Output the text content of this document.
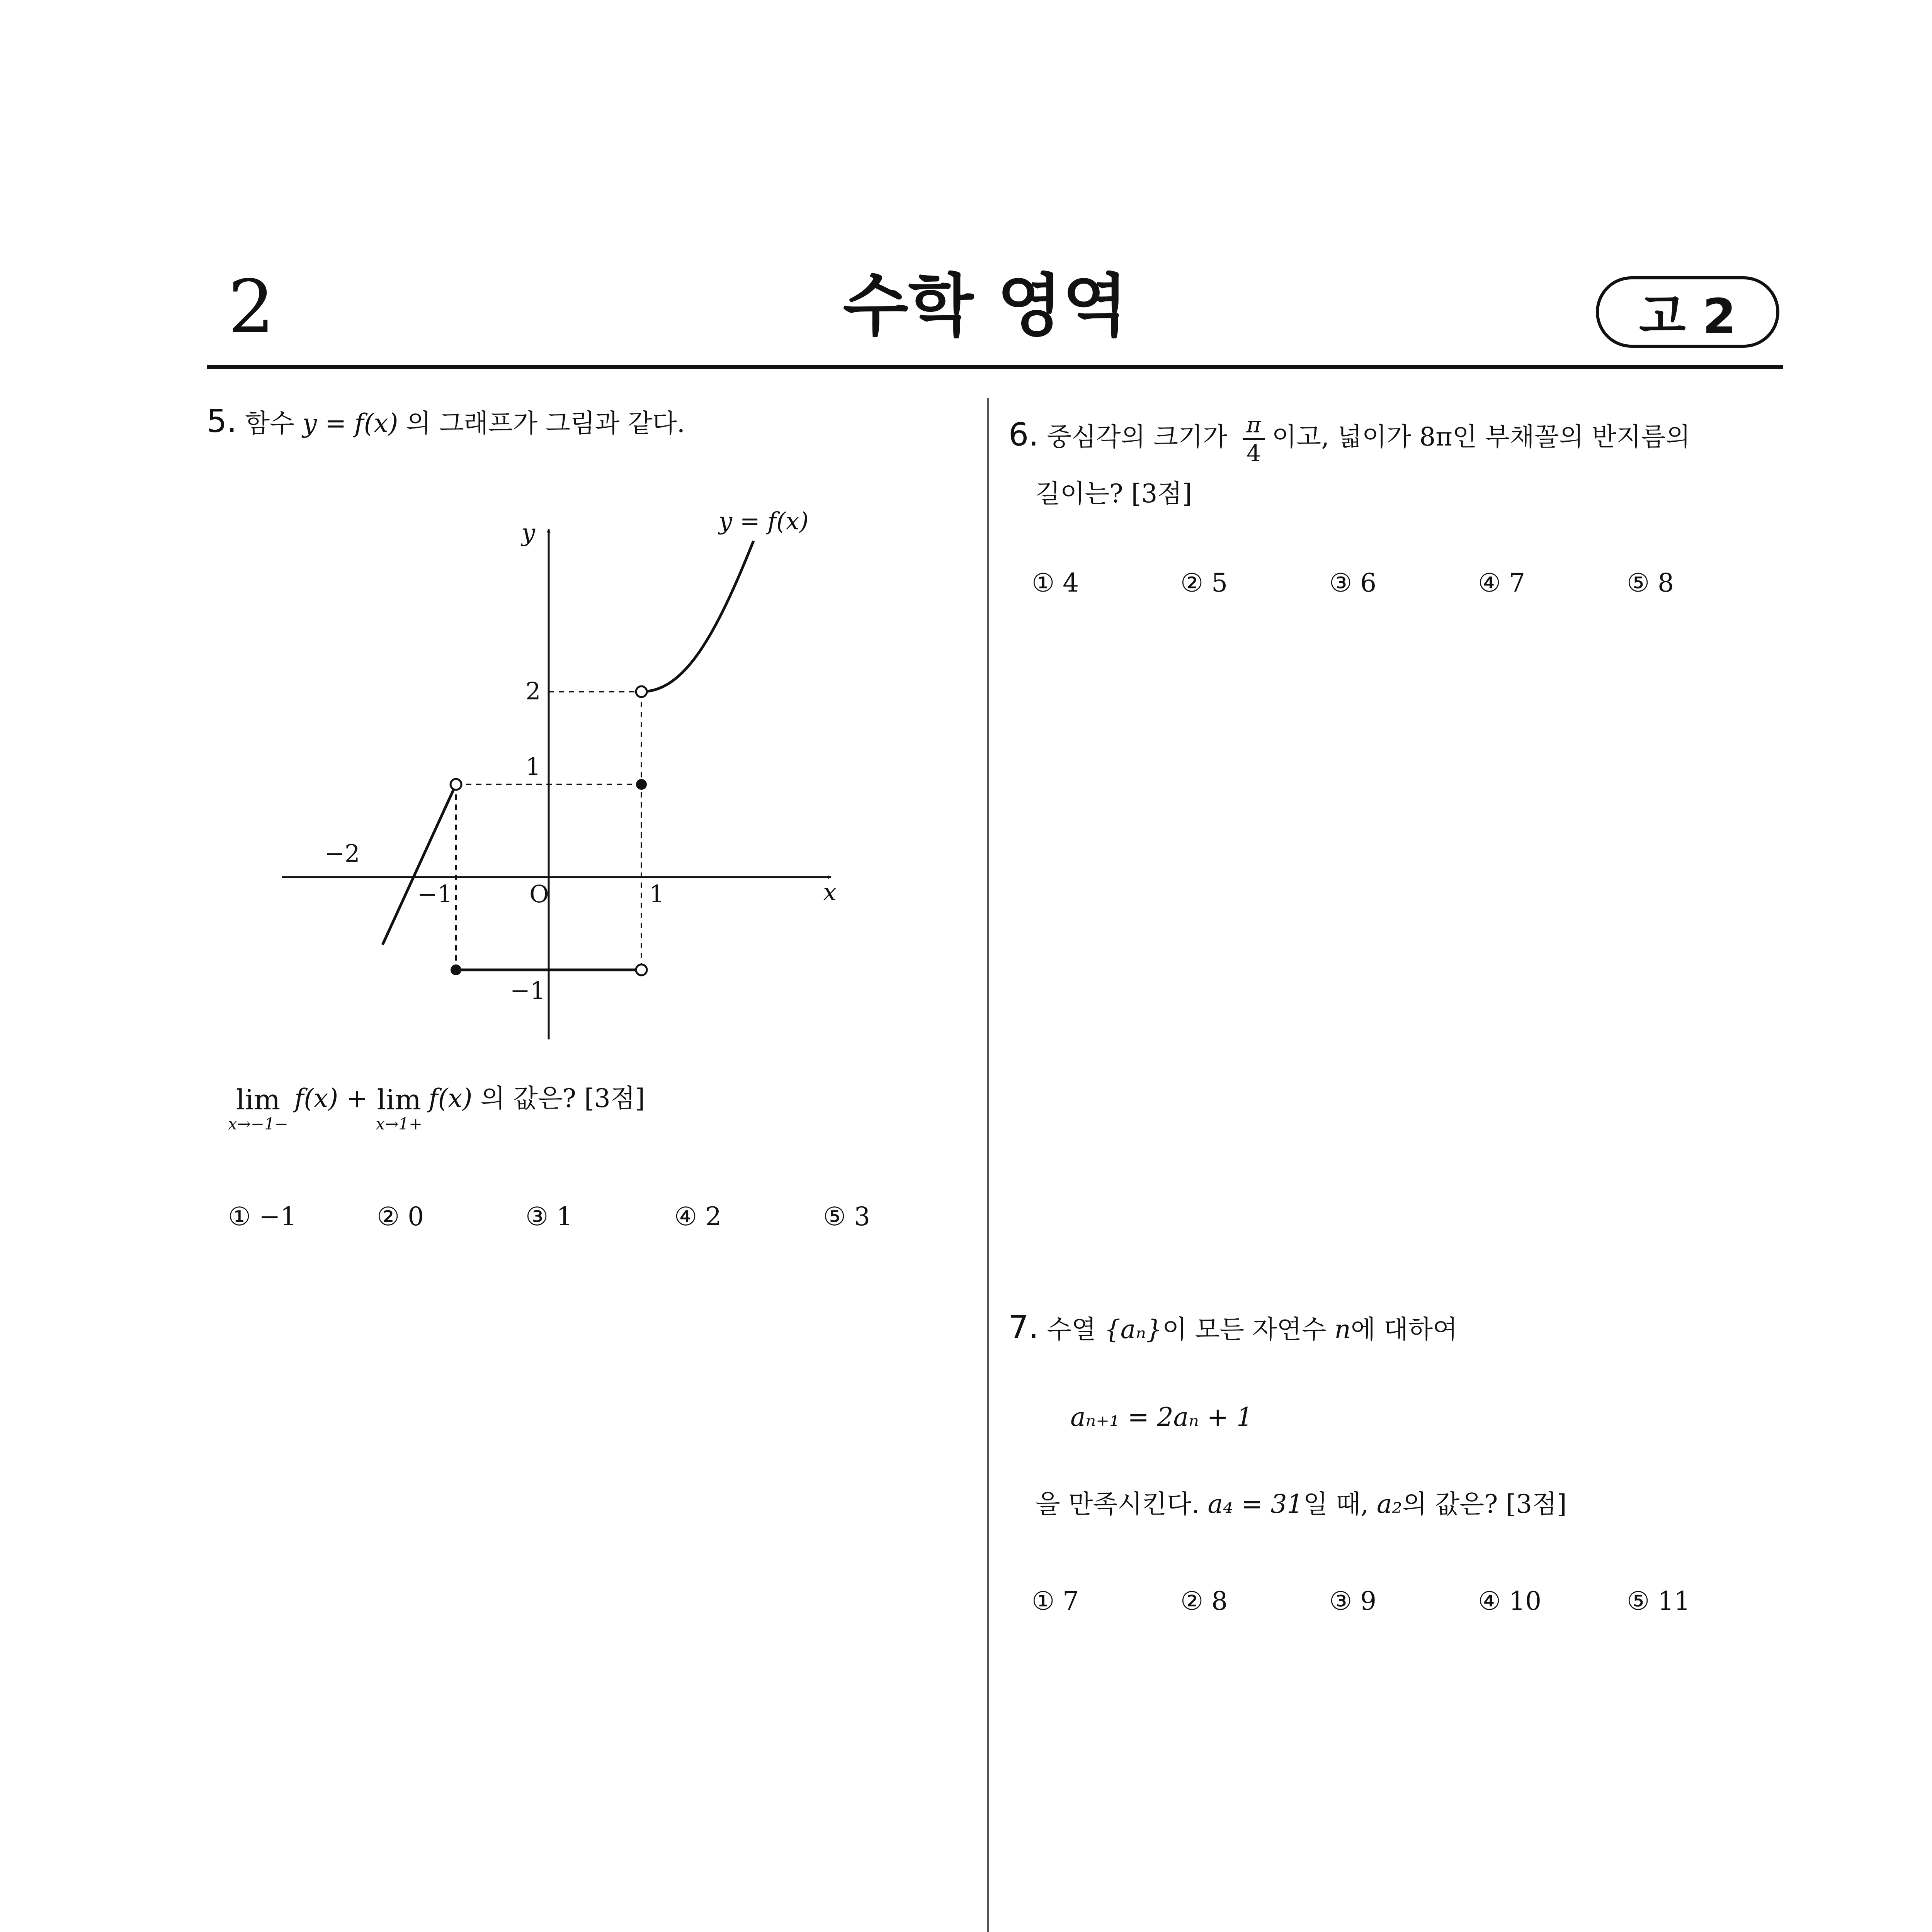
2	수학 영역	고 2
5. 함수 y = f(x) 의 그래프가 그림과 같다.
y = f(x)
y
x
O
−2
−1	1
2
1
−1
lim
x→−1−
f(x) + lim
x→1+
f(x) 의 값은? [3점]
① −1	② 0	③ 1	④ 2	⑤ 3
6. 중심각의 크기가 $\frac{\pi}{4}$ 이고, 넓이가 8π인 부채꼴의 반지름의
길이는? [3점]
① 4	② 5	③ 6	④ 7	⑤ 8
7. 수열 {aₙ}이 모든 자연수 n에 대하여
aₙ₊₁ = 2aₙ + 1
을 만족시킨다. a₄ = 31일 때, a₂의 값은? [3점]
① 7	② 8	③ 9	④ 10	⑤ 11
